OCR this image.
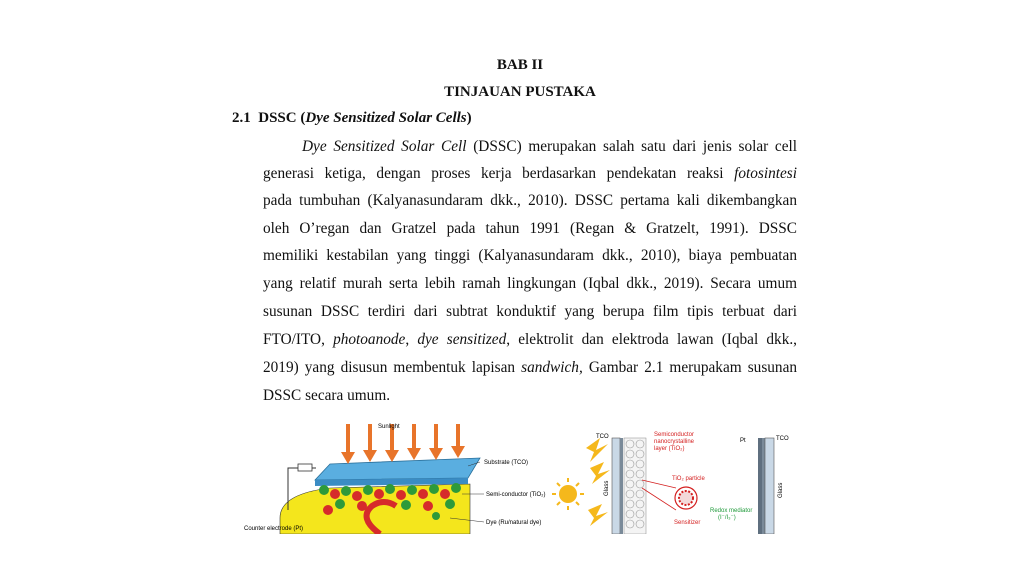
BAB II
TINJAUAN PUSTAKA
2.1 DSSC (Dye Sensitized Solar Cells)
Dye Sensitized Solar Cell (DSSC) merupakan salah satu dari jenis solar cell
generasi ketiga, dengan proses kerja berdasarkan pendekatan reaksi fotosintesi
pada tumbuhan (Kalyanasundaram dkk., 2010). DSSC pertama kali dikembangkan
oleh O’regan dan Gratzel pada tahun 1991 (Regan & Gratzelt, 1991). DSSC
memiliki kestabilan yang tinggi (Kalyanasundaram dkk., 2010), biaya pembuatan
yang relatif murah serta lebih ramah lingkungan (Iqbal dkk., 2019). Secara umum
susunan DSSC terdiri dari subtrat konduktif yang berupa film tipis terbuat dari
FTO/ITO, photoanode, dye sensitized, elektrolit dan elektroda lawan (Iqbal dkk.,
2019) yang disusun membentuk lapisan sandwich, Gambar 2.1 merupakam susunan
DSSC secara umum.
Sunlight
Substrate (TCO)
Semi-conductor (TiO₂)
Dye (Ru/natural dye)
Counter electrode (Pt)
TCO	Semiconductor
nanocrystalline
layer (TiO₂)
Glass
TiO₂ particle
Sensitizer
Pt	TCO
Glass
Redox mediator
(I⁻/I₃⁻)
